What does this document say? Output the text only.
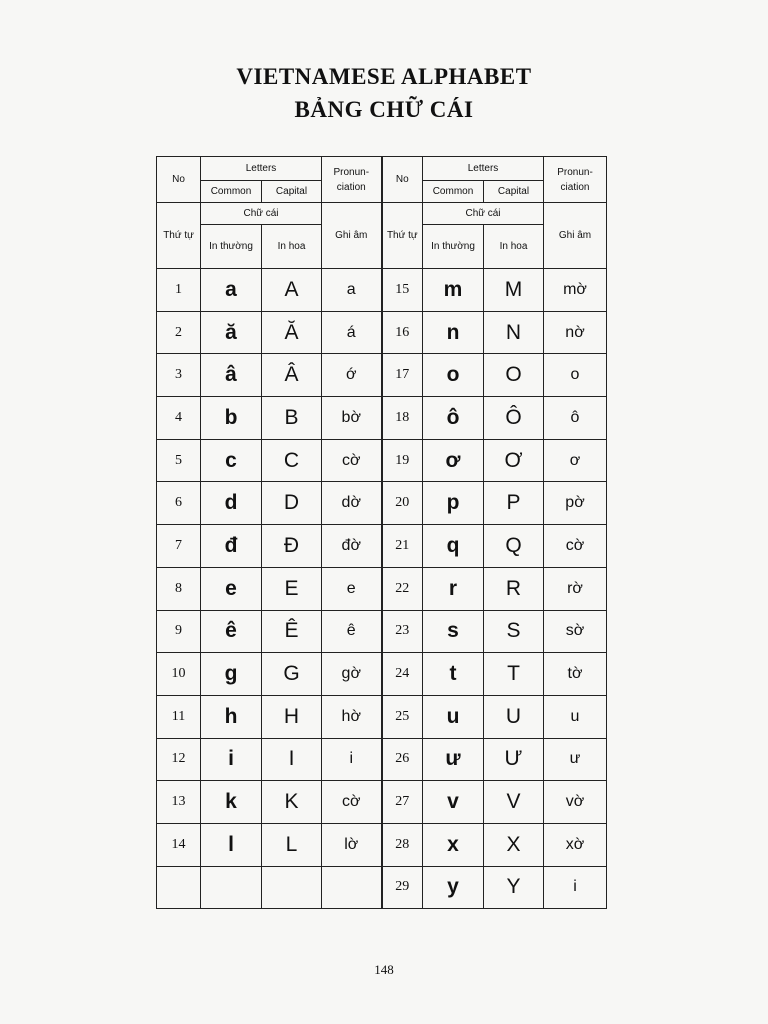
VIETNAMESE ALPHABET
BẢNG CHỮ CÁI
No	Letters		Pronun-ciation	No	Letters		Pronun-ciation
	Common	Capital			Common	Capital	
Thứ tự	Chữ cái		Ghi âm	Thứ tự	Chữ cái		Ghi âm
	In thường	In hoa			In thường	In hoa	
1	a	A	a	15	m	M	mờ
2	ă	Ă	á	16	n	N	nờ
3	â	Â	ớ	17	o	O	o
4	b	B	bờ	18	ô	Ô	ô
5	c	C	cờ	19	ơ	Ơ	ơ
6	d	D	dờ	20	p	P	pờ
7	đ	Đ	đờ	21	q	Q	cờ
8	e	E	e	22	r	R	rờ
9	ê	Ê	ê	23	s	S	sờ
10	g	G	gờ	24	t	T	tờ
11	h	H	hờ	25	u	U	u
12	i	I	i	26	ư	Ư	ư
13	k	K	cờ	27	v	V	vờ
14	l	L	lờ	28	x	X	xờ
				29	y	Y	i
148
